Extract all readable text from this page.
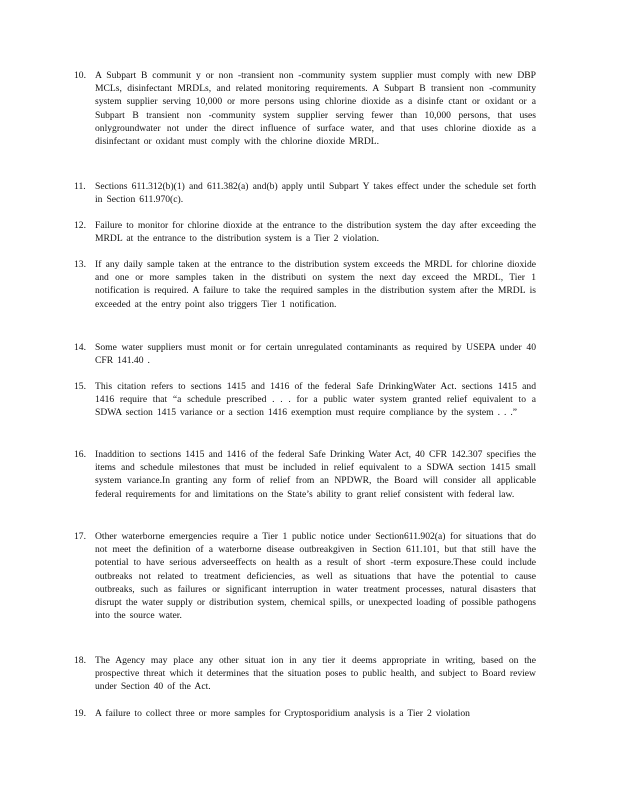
10. A Subpart B communit y or non -transient non -community system supplier must comply with new DBP MCLs, disinfectant MRDLs, and related monitoring requirements. A Subpart B transient non -community system supplier serving 10,000 or more persons using chlorine dioxide as a disinfe ctant or oxidant or a Subpart B transient non -community system supplier serving fewer than 10,000 persons, that uses onlygroundwater not under the direct influence of surface water, and that uses chlorine dioxide as a disinfectant or oxidant must comply with the chlorine dioxide MRDL.
11. Sections 611.312(b)(1) and 611.382(a) and(b) apply until Subpart Y takes effect under the schedule set forth in Section 611.970(c).
12. Failure to monitor for chlorine dioxide at the entrance to the distribution system the day after exceeding the MRDL at the entrance to the distribution system is a Tier 2 violation.
13. If any daily sample taken at the entrance to the distribution system exceeds the MRDL for chlorine dioxide and one or more samples taken in the distributi on system the next day exceed the MRDL, Tier 1 notification is required. A failure to take the required samples in the distribution system after the MRDL is exceeded at the entry point also triggers Tier 1 notification.
14. Some water suppliers must monit or for certain unregulated contaminants as required by USEPA under 40 CFR 141.40 .
15. This citation refers to sections 1415 and 1416 of the federal Safe DrinkingWater Act. sections 1415 and 1416 require that “a schedule prescribed . . . for a public water system granted relief equivalent to a SDWA section 1415 variance or a section 1416 exemption must require compliance by the system . . .”
16. Inaddition to sections 1415 and 1416 of the federal Safe Drinking Water Act, 40 CFR 142.307 specifies the items and schedule milestones that must be included in relief equivalent to a SDWA section 1415 small system variance.In granting any form of relief from an NPDWR, the Board will consider all applicable federal requirements for and limitations on the State’s ability to grant relief consistent with federal law.
17. Other waterborne emergencies require a Tier 1 public notice under Section611.902(a) for situations that do not meet the definition of a waterborne disease outbreakgiven in Section 611.101, but that still have the potential to have serious adverseeffects on health as a result of short -term exposure.These could include outbreaks not related to treatment deficiencies, as well as situations that have the potential to cause outbreaks, such as failures or significant interruption in water treatment processes, natural disasters that disrupt the water supply or distribution system, chemical spills, or unexpected loading of possible pathogens into the source water.
18. The Agency may place any other situat ion in any tier it deems appropriate in writing, based on the prospective threat which it determines that the situation poses to public health, and subject to Board review under Section 40 of the Act.
19. A failure to collect three or more samples for Cryptosporidium analysis is a Tier 2 violation
